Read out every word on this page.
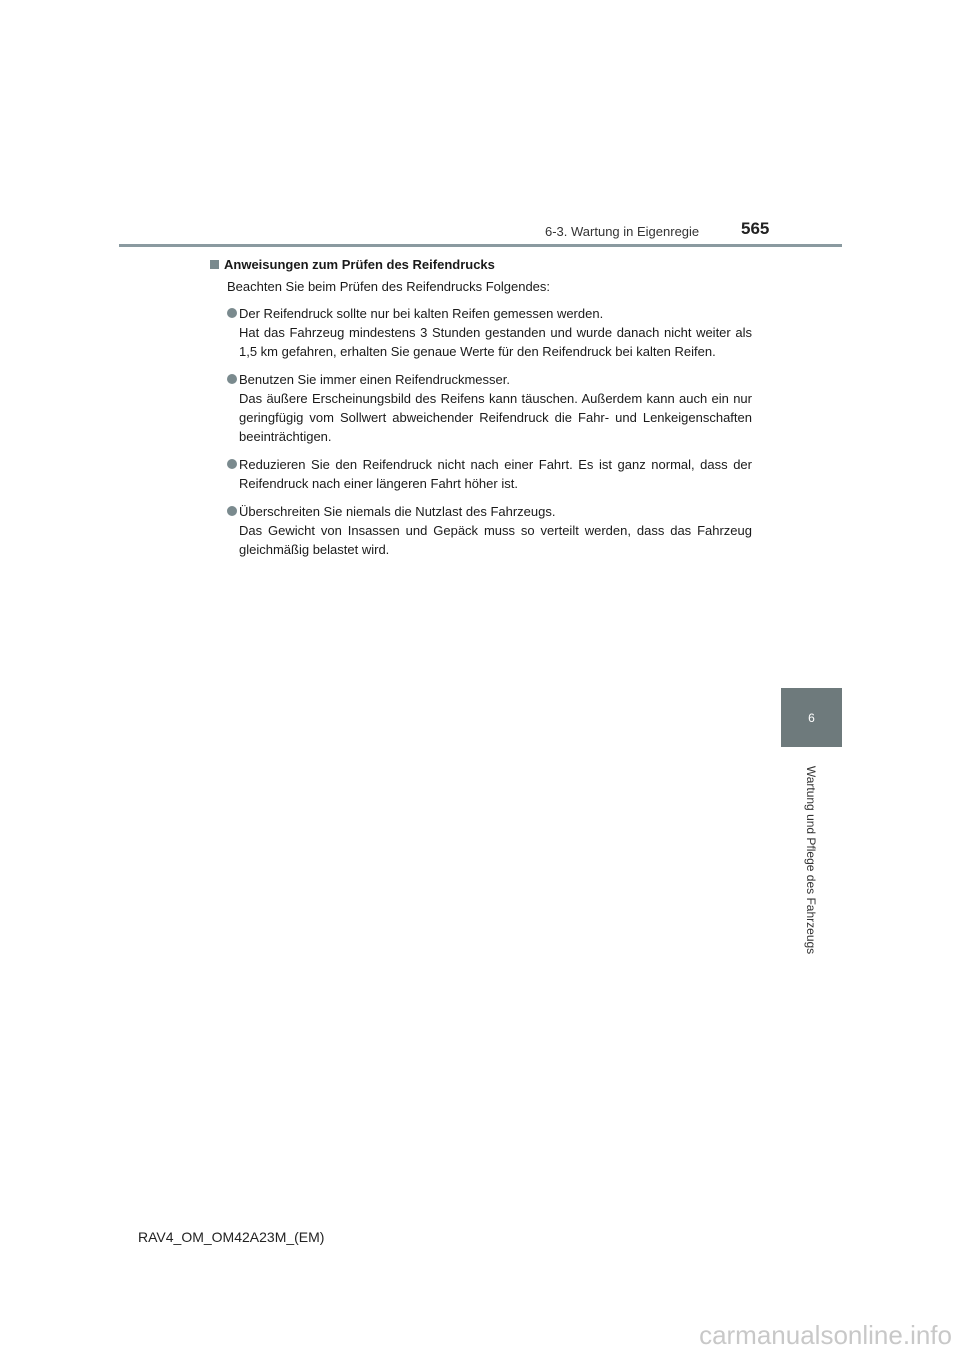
6-3. Wartung in Eigenregie 565
Anweisungen zum Prüfen des Reifendrucks

Beachten Sie beim Prüfen des Reifendrucks Folgendes:

Der Reifendruck sollte nur bei kalten Reifen gemessen werden.
Hat das Fahrzeug mindestens 3 Stunden gestanden und wurde danach nicht weiter als 1,5 km gefahren, erhalten Sie genaue Werte für den Reifendruck bei kalten Reifen.
Benutzen Sie immer einen Reifendruckmesser.
Das äußere Erscheinungsbild des Reifens kann täuschen. Außerdem kann auch ein nur geringfügig vom Sollwert abweichender Reifendruck die Fahr- und Lenkeigenschaften beeinträchtigen.
Reduzieren Sie den Reifendruck nicht nach einer Fahrt. Es ist ganz normal, dass der Reifendruck nach einer längeren Fahrt höher ist.
Überschreiten Sie niemals die Nutzlast des Fahrzeugs.
Das Gewicht von Insassen und Gepäck muss so verteilt werden, dass das Fahrzeug gleichmäßig belastet wird.
6
Wartung und Pflege des Fahrzeugs
RAV4_OM_OM42A23M_(EM)
carmanualsonline.info
